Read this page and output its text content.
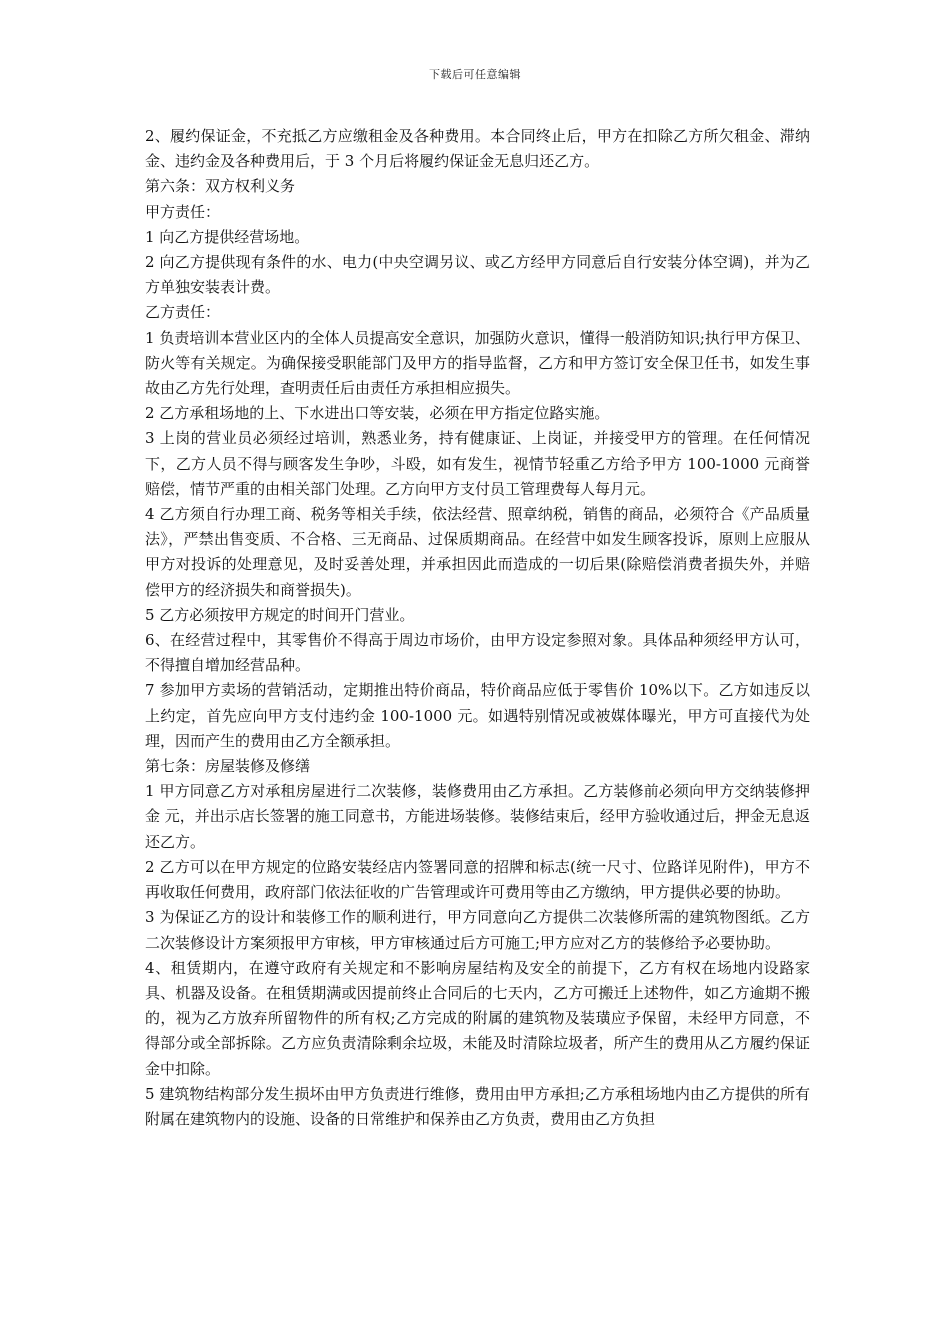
下载后可任意编辑

2、履约保证金，不充抵乙方应缴租金及各种费用。本合同终止后，甲方在扣除乙方所欠租金、滞纳金、违约金及各种费用后，于 3 个月后将履约保证金无息归还乙方。

第六条：双方权利义务

甲方责任：

1 向乙方提供经营场地。

2 向乙方提供现有条件的水、电力(中央空调另议、或乙方经甲方同意后自行安装分体空调)，并为乙方单独安装表计费。

乙方责任：

1 负责培训本营业区内的全体人员提高安全意识，加强防火意识，懂得一般消防知识;执行甲方保卫、防火等有关规定。为确保接受职能部门及甲方的指导监督，乙方和甲方签订安全保卫任书，如发生事故由乙方先行处理，查明责任后由责任方承担相应损失。

2 乙方承租场地的上、下水进出口等安装，必须在甲方指定位路实施。

3 上岗的营业员必须经过培训，熟悉业务，持有健康证、上岗证，并接受甲方的管理。在任何情况下，乙方人员不得与顾客发生争吵，斗殴，如有发生，视情节轻重乙方给予甲方 100-1000 元商誉赔偿，情节严重的由相关部门处理。乙方向甲方支付员工管理费每人每月元。

4 乙方须自行办理工商、税务等相关手续，依法经营、照章纳税，销售的商品，必须符合《产品质量法》，严禁出售变质、不合格、三无商品、过保质期商品。在经营中如发生顾客投诉，原则上应服从甲方对投诉的处理意见，及时妥善处理，并承担因此而造成的一切后果(除赔偿消费者损失外，并赔偿甲方的经济损失和商誉损失)。

5 乙方必须按甲方规定的时间开门营业。

6、在经营过程中，其零售价不得高于周边市场价，由甲方设定参照对象。具体品种须经甲方认可，不得擅自增加经营品种。

7 参加甲方卖场的营销活动，定期推出特价商品，特价商品应低于零售价 10%以下。乙方如违反以上约定，首先应向甲方支付违约金 100-1000 元。如遇特别情况或被媒体曝光，甲方可直接代为处理，因而产生的费用由乙方全额承担。

第七条：房屋装修及修缮

1 甲方同意乙方对承租房屋进行二次装修，装修费用由乙方承担。乙方装修前必须向甲方交纳装修押金 元，并出示店长签署的施工同意书，方能进场装修。装修结束后，经甲方验收通过后，押金无息返还乙方。

2 乙方可以在甲方规定的位路安装经店内签署同意的招牌和标志(统一尺寸、位路详见附件)，甲方不再收取任何费用，政府部门依法征收的广告管理或许可费用等由乙方缴纳，甲方提供必要的协助。

3 为保证乙方的设计和装修工作的顺利进行，甲方同意向乙方提供二次装修所需的建筑物图纸。乙方二次装修设计方案须报甲方审核，甲方审核通过后方可施工;甲方应对乙方的装修给予必要协助。

4、租赁期内，在遵守政府有关规定和不影响房屋结构及安全的前提下，乙方有权在场地内设路家具、机器及设备。在租赁期满或因提前终止合同后的七天内，乙方可搬迁上述物件，如乙方逾期不搬的，视为乙方放弃所留物件的所有权;乙方完成的附属的建筑物及装璜应予保留，未经甲方同意，不得部分或全部拆除。乙方应负责清除剩余垃圾，未能及时清除垃圾者，所产生的费用从乙方履约保证金中扣除。

5 建筑物结构部分发生损坏由甲方负责进行维修，费用由甲方承担;乙方承租场地内由乙方提供的所有附属在建筑物内的设施、设备的日常维护和保养由乙方负责，费用由乙方负担
